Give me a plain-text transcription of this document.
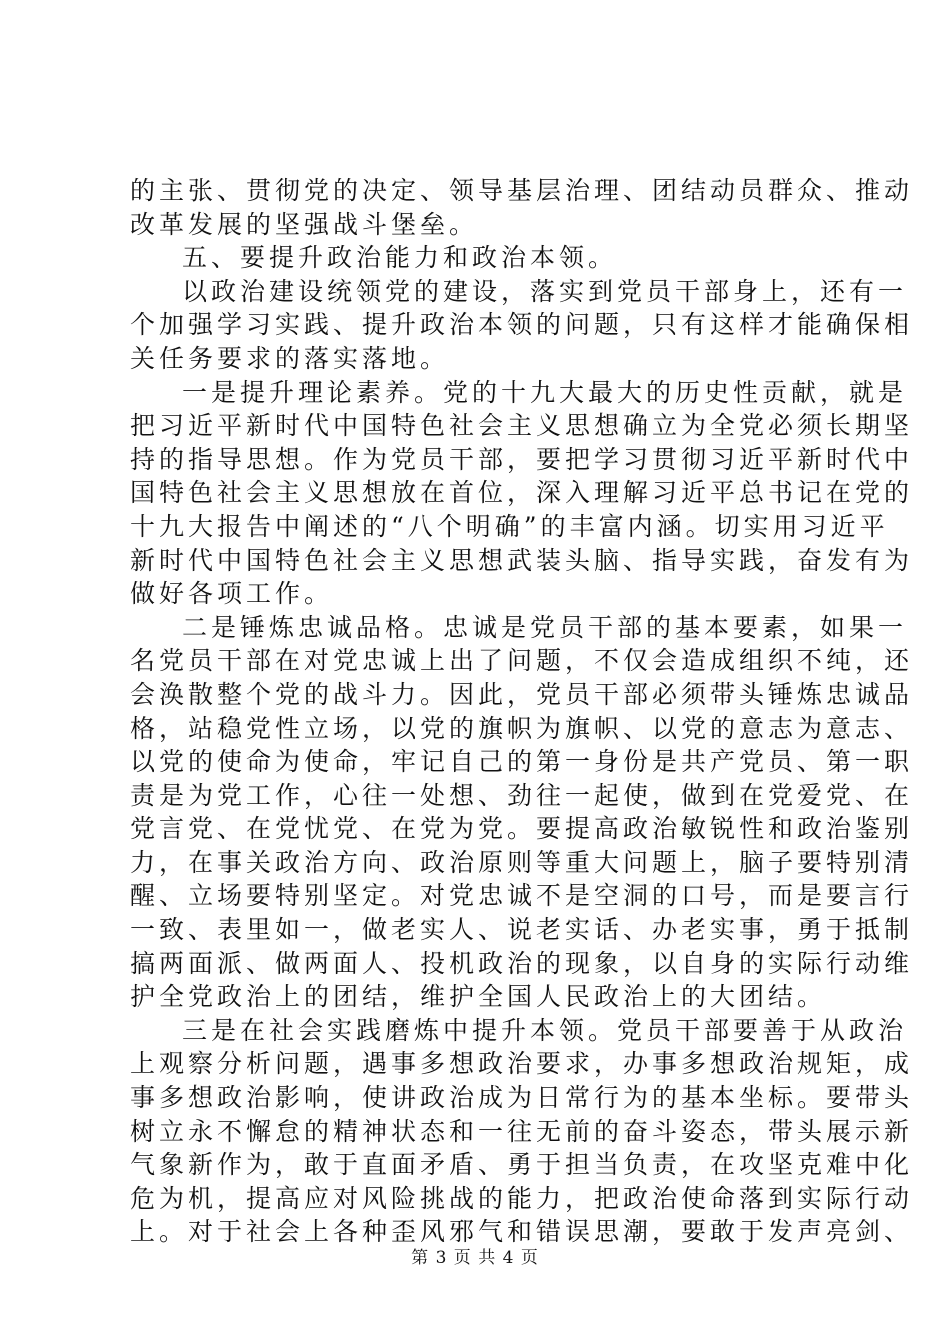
的主张、贯彻党的决定、领导基层治理、团结动员群众、推动
改革发展的坚强战斗堡垒。
五、要提升政治能力和政治本领。
以政治建设统领党的建设，落实到党员干部身上，还有一
个加强学习实践、提升政治本领的问题，只有这样才能确保相
关任务要求的落实落地。
一是提升理论素养。党的十九大最大的历史性贡献，就是
把习近平新时代中国特色社会主义思想确立为全党必须长期坚
持的指导思想。作为党员干部，要把学习贯彻习近平新时代中
国特色社会主义思想放在首位，深入理解习近平总书记在党的
十九大报告中阐述的“八个明确”的丰富内涵。切实用习近平
新时代中国特色社会主义思想武装头脑、指导实践，奋发有为
做好各项工作。
二是锤炼忠诚品格。忠诚是党员干部的基本要素，如果一
名党员干部在对党忠诚上出了问题，不仅会造成组织不纯，还
会涣散整个党的战斗力。因此，党员干部必须带头锤炼忠诚品
格，站稳党性立场，以党的旗帜为旗帜、以党的意志为意志、
以党的使命为使命，牢记自己的第一身份是共产党员、第一职
责是为党工作，心往一处想、劲往一起使，做到在党爱党、在
党言党、在党忧党、在党为党。要提高政治敏锐性和政治鉴别
力，在事关政治方向、政治原则等重大问题上，脑子要特别清
醒、立场要特别坚定。对党忠诚不是空洞的口号，而是要言行
一致、表里如一，做老实人、说老实话、办老实事，勇于抵制
搞两面派、做两面人、投机政治的现象，以自身的实际行动维
护全党政治上的团结，维护全国人民政治上的大团结。
三是在社会实践磨炼中提升本领。党员干部要善于从政治
上观察分析问题，遇事多想政治要求，办事多想政治规矩，成
事多想政治影响，使讲政治成为日常行为的基本坐标。要带头
树立永不懈怠的精神状态和一往无前的奋斗姿态，带头展示新
气象新作为，敢于直面矛盾、勇于担当负责，在攻坚克难中化
危为机，提高应对风险挑战的能力，把政治使命落到实际行动
上。对于社会上各种歪风邪气和错误思潮，要敢于发声亮剑、
第 3 页 共 4 页
